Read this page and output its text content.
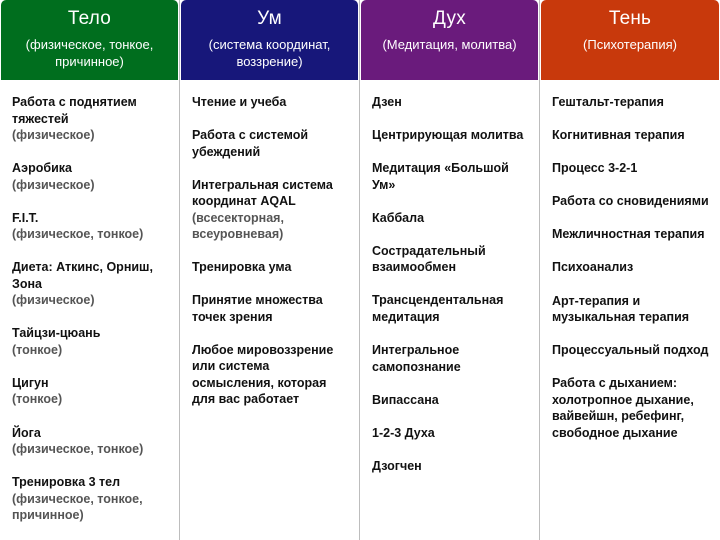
Тело
(физическое, тонкое, причинное)
Работа с поднятием тяжестей
(физическое)
Аэробика
(физическое)
F.I.T.
(физическое, тонкое)
Диета: Аткинс, Орниш, Зона
(физическое)
Тайцзи-цюань
(тонкое)
Цигун
(тонкое)
Йога
(физическое, тонкое)
Тренировка 3 тел
(физическое, тонкое, причинное)
Ум
(система координат, воззрение)
Чтение и учеба
Работа с системой убеждений
Интегральная система координат AQAL
(всесекторная, всеуровневая)
Тренировка ума
Принятие множества точек зрения
Любое мировоззрение или система осмысления, которая для вас работает
Дух
(Медитация, молитва)
Дзен
Центрирующая молитва
Медитация «Большой Ум»
Каббала
Сострадательный взаимообмен
Трансцендентальная медитация
Интегральное самопознание
Випассана
1-2-3 Духа
Дзогчен
Тень
(Психотерапия)
Гештальт-терапия
Когнитивная терапия
Процесс 3-2-1
Работа со сновидениями
Межличностная терапия
Психоанализ
Арт-терапия и музыкальная терапия
Процессуальный подход
Работа с дыханием: холотропное дыхание, вайвейшн, ребефинг, свободное дыхание
